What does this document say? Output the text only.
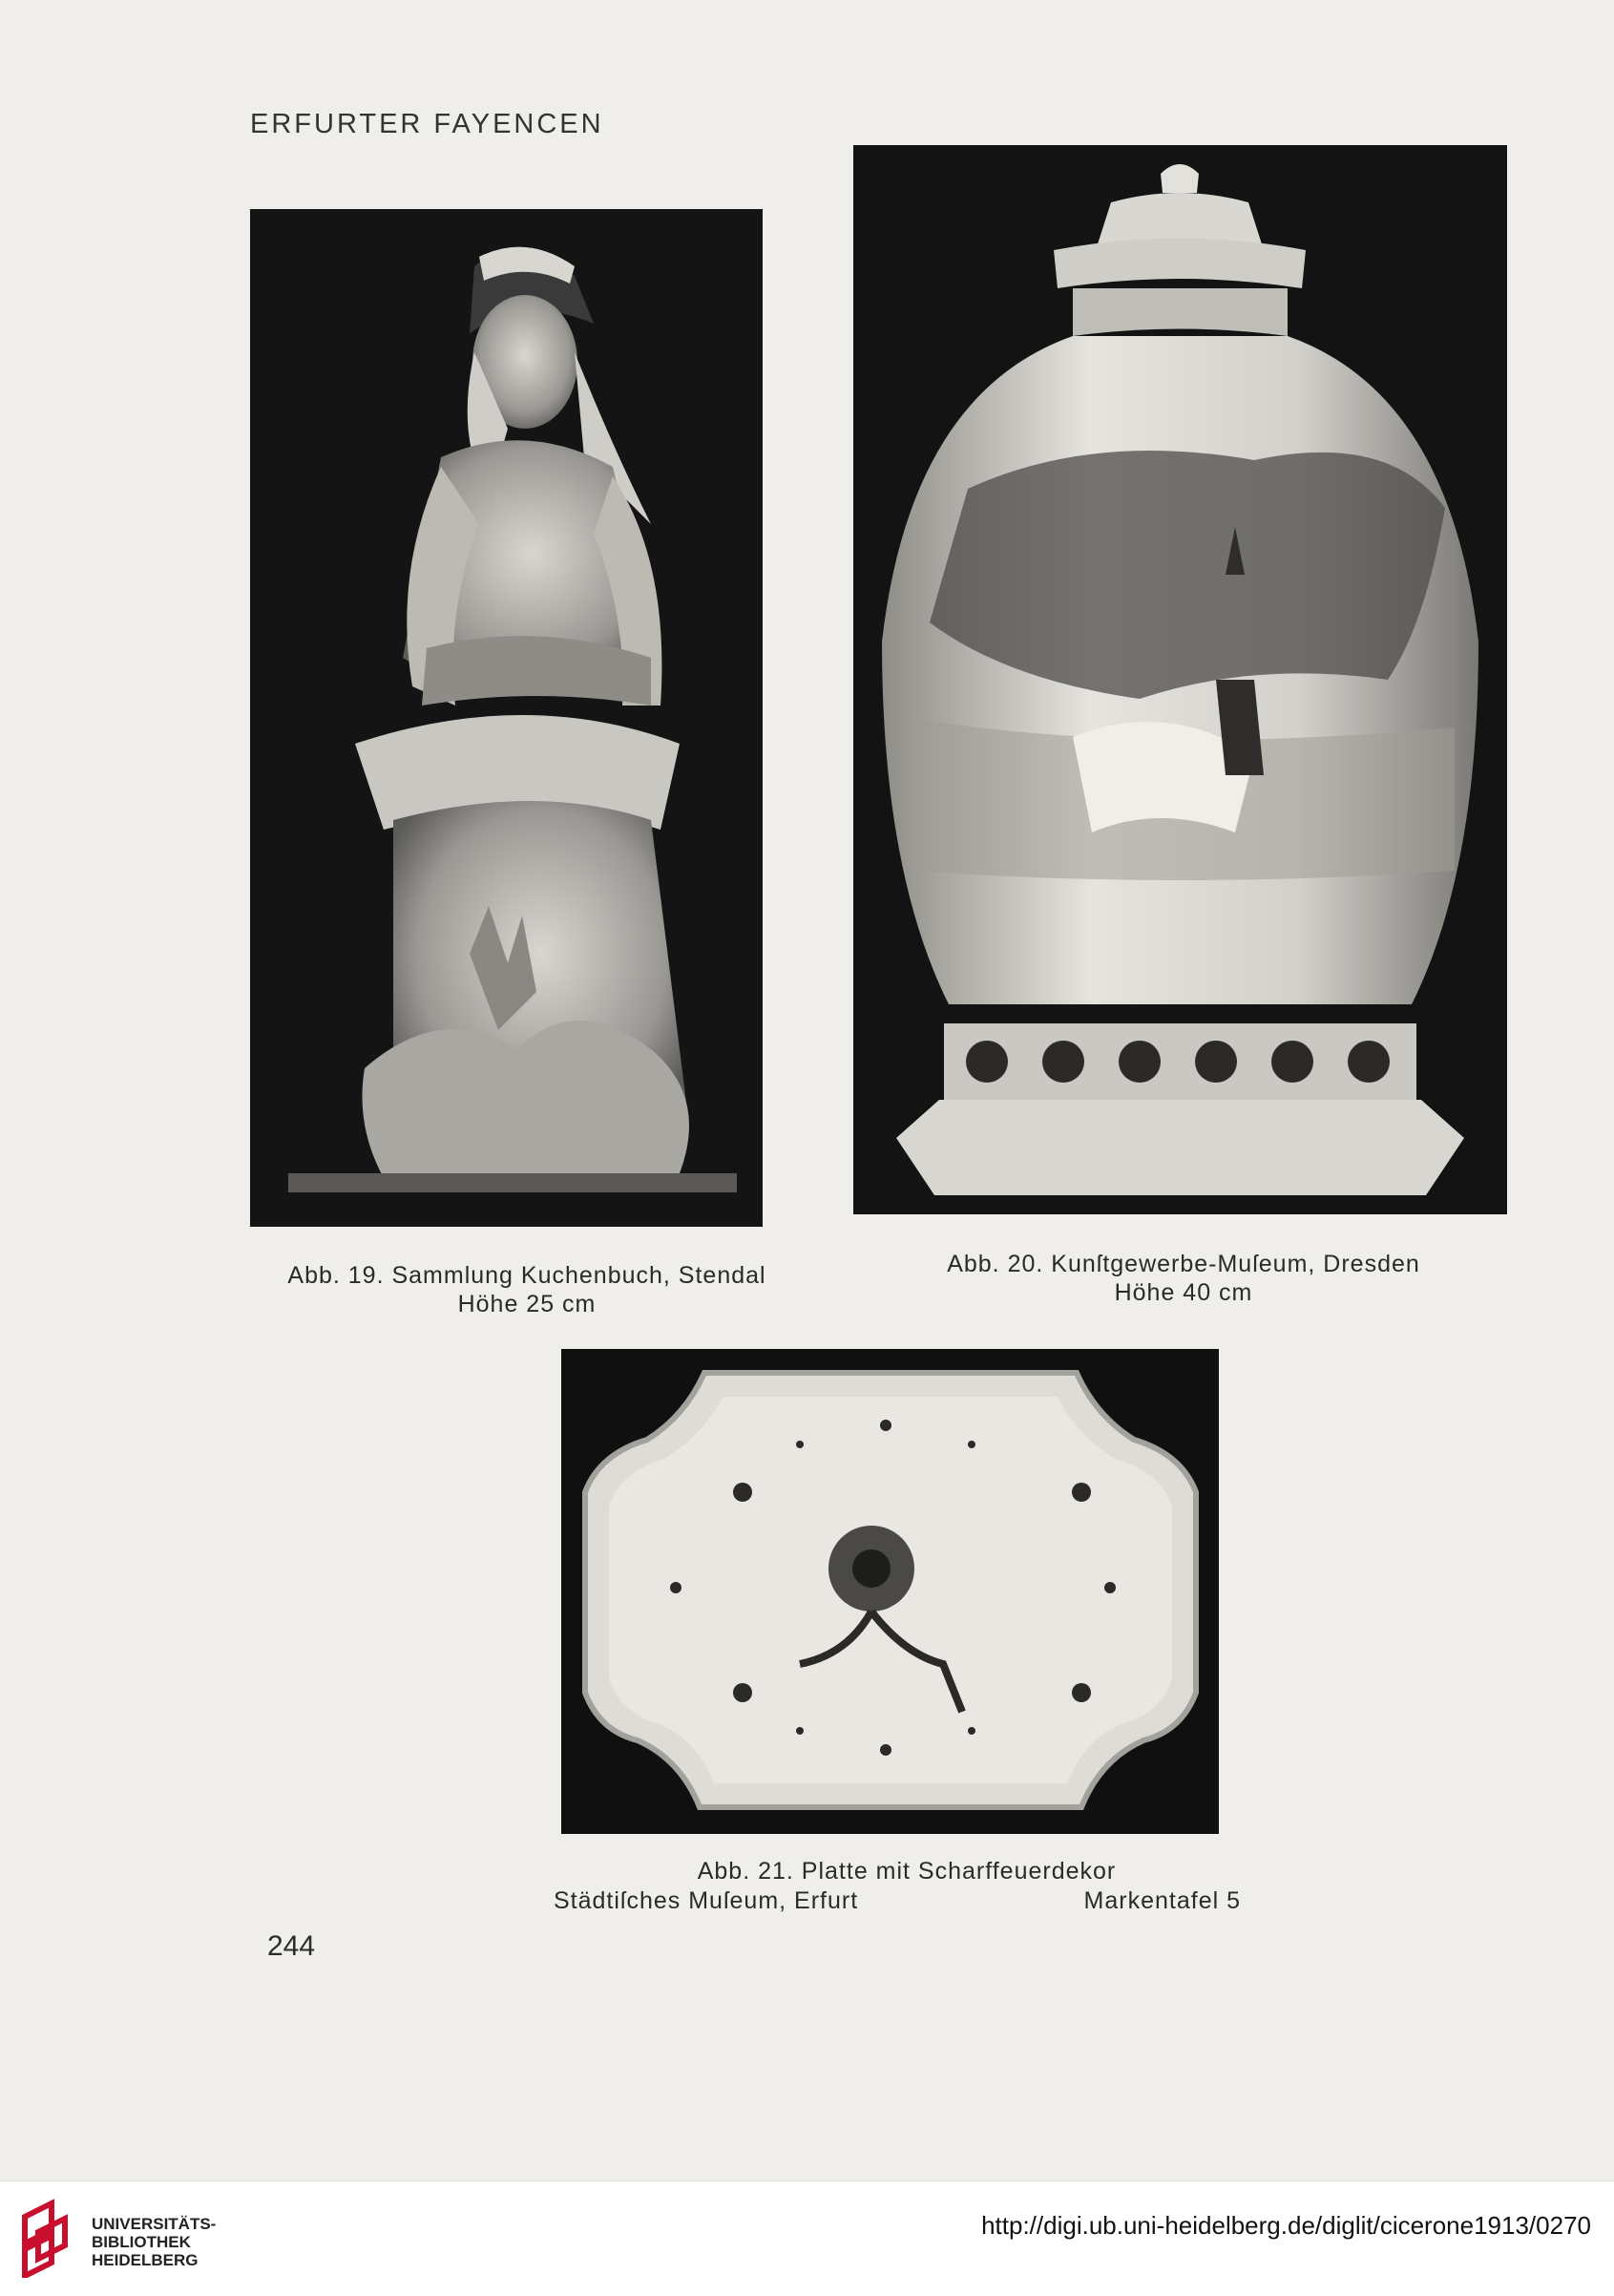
ERFURTER FAYENCEN
Abb. 19. Sammlung Kuchenbuch, Stendal
Höhe 25 cm
Abb. 20. Kunſtgewerbe-Muſeum, Dresden
Höhe 40 cm
Abb. 21. Platte mit Scharffeuerdekor
Städtiſches Muſeum, Erfurt	Markentafel 5
244
UNIVERSITÄTS-
BIBLIOTHEK
HEIDELBERG
http://digi.ub.uni-heidelberg.de/diglit/cicerone1913/0270
